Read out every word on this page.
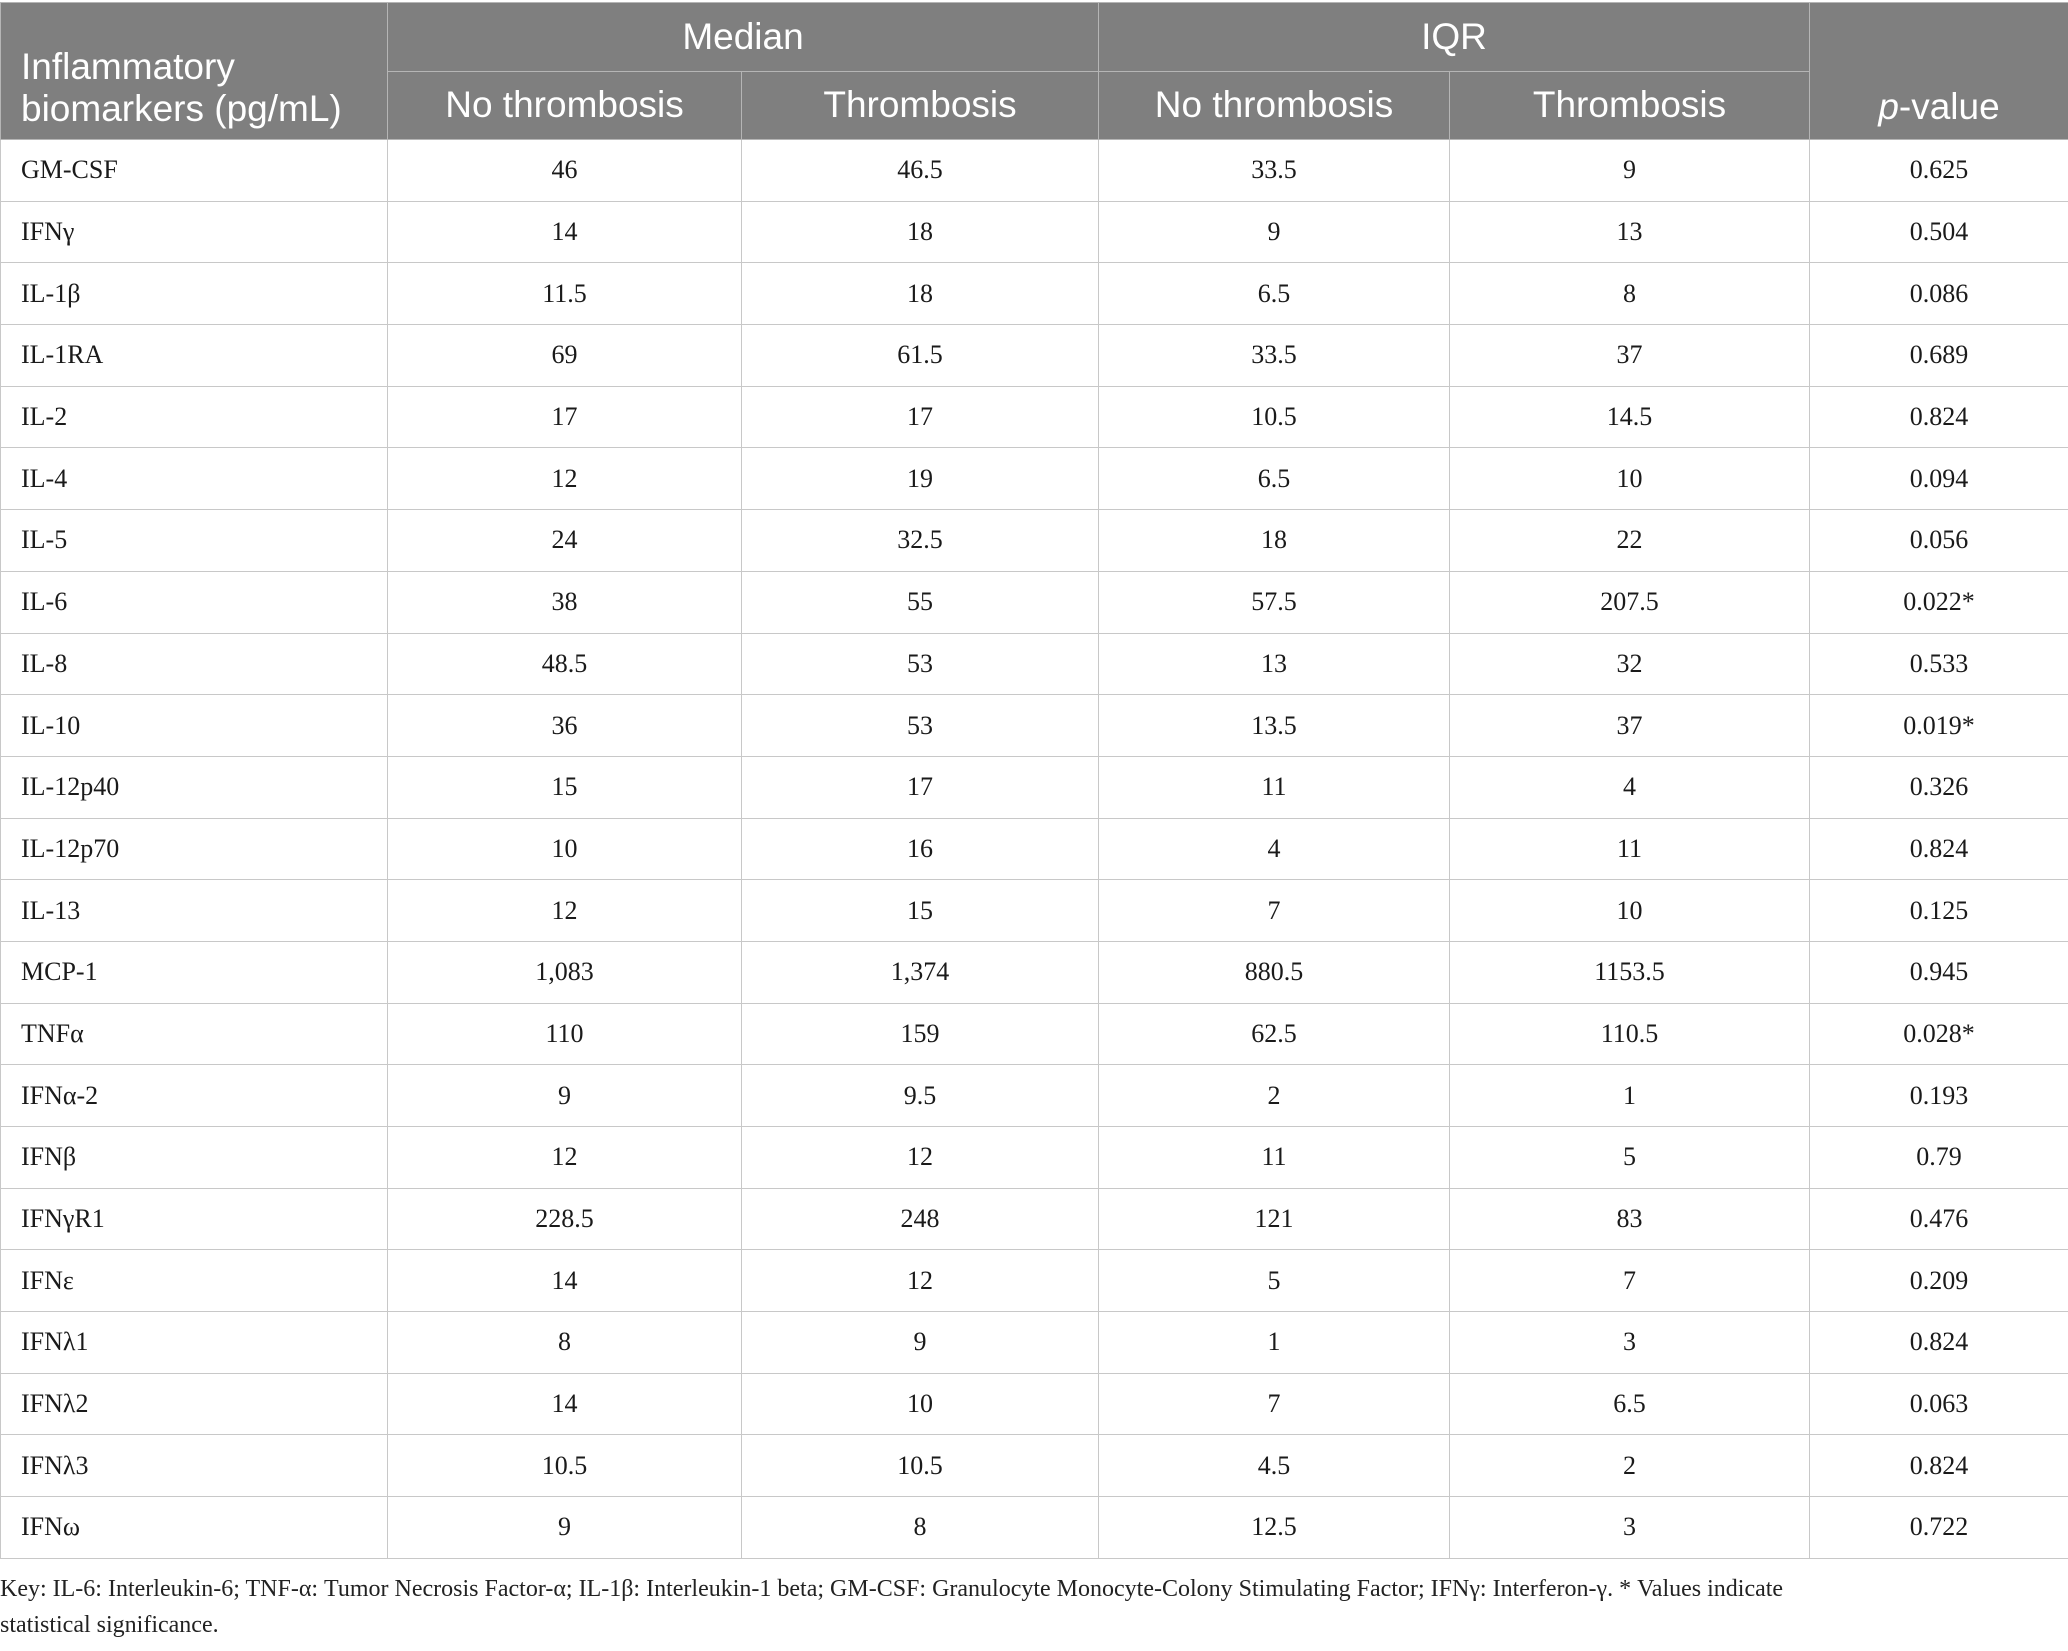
Inflammatory
biomarkers (pg/mL)	Median		IQR		p-value
	No thrombosis	Thrombosis	No thrombosis	Thrombosis	
GM-CSF	46	46.5	33.5	9	0.625
IFNγ	14	18	9	13	0.504
IL-1β	11.5	18	6.5	8	0.086
IL-1RA	69	61.5	33.5	37	0.689
IL-2	17	17	10.5	14.5	0.824
IL-4	12	19	6.5	10	0.094
IL-5	24	32.5	18	22	0.056
IL-6	38	55	57.5	207.5	0.022*
IL-8	48.5	53	13	32	0.533
IL-10	36	53	13.5	37	0.019*
IL-12p40	15	17	11	4	0.326
IL-12p70	10	16	4	11	0.824
IL-13	12	15	7	10	0.125
MCP-1	1,083	1,374	880.5	1153.5	0.945
TNFα	110	159	62.5	110.5	0.028*
IFNα-2	9	9.5	2	1	0.193
IFNβ	12	12	11	5	0.79
IFNγR1	228.5	248	121	83	0.476
IFNε	14	12	5	7	0.209
IFNλ1	8	9	1	3	0.824
IFNλ2	14	10	7	6.5	0.063
IFNλ3	10.5	10.5	4.5	2	0.824
IFNω	9	8	12.5	3	0.722
Key: IL-6: Interleukin-6; TNF-α: Tumor Necrosis Factor-α; IL-1β: Interleukin-1 beta; GM-CSF: Granulocyte Monocyte-Colony Stimulating Factor; IFNγ: Interferon-γ. * Values indicate
statistical significance.
